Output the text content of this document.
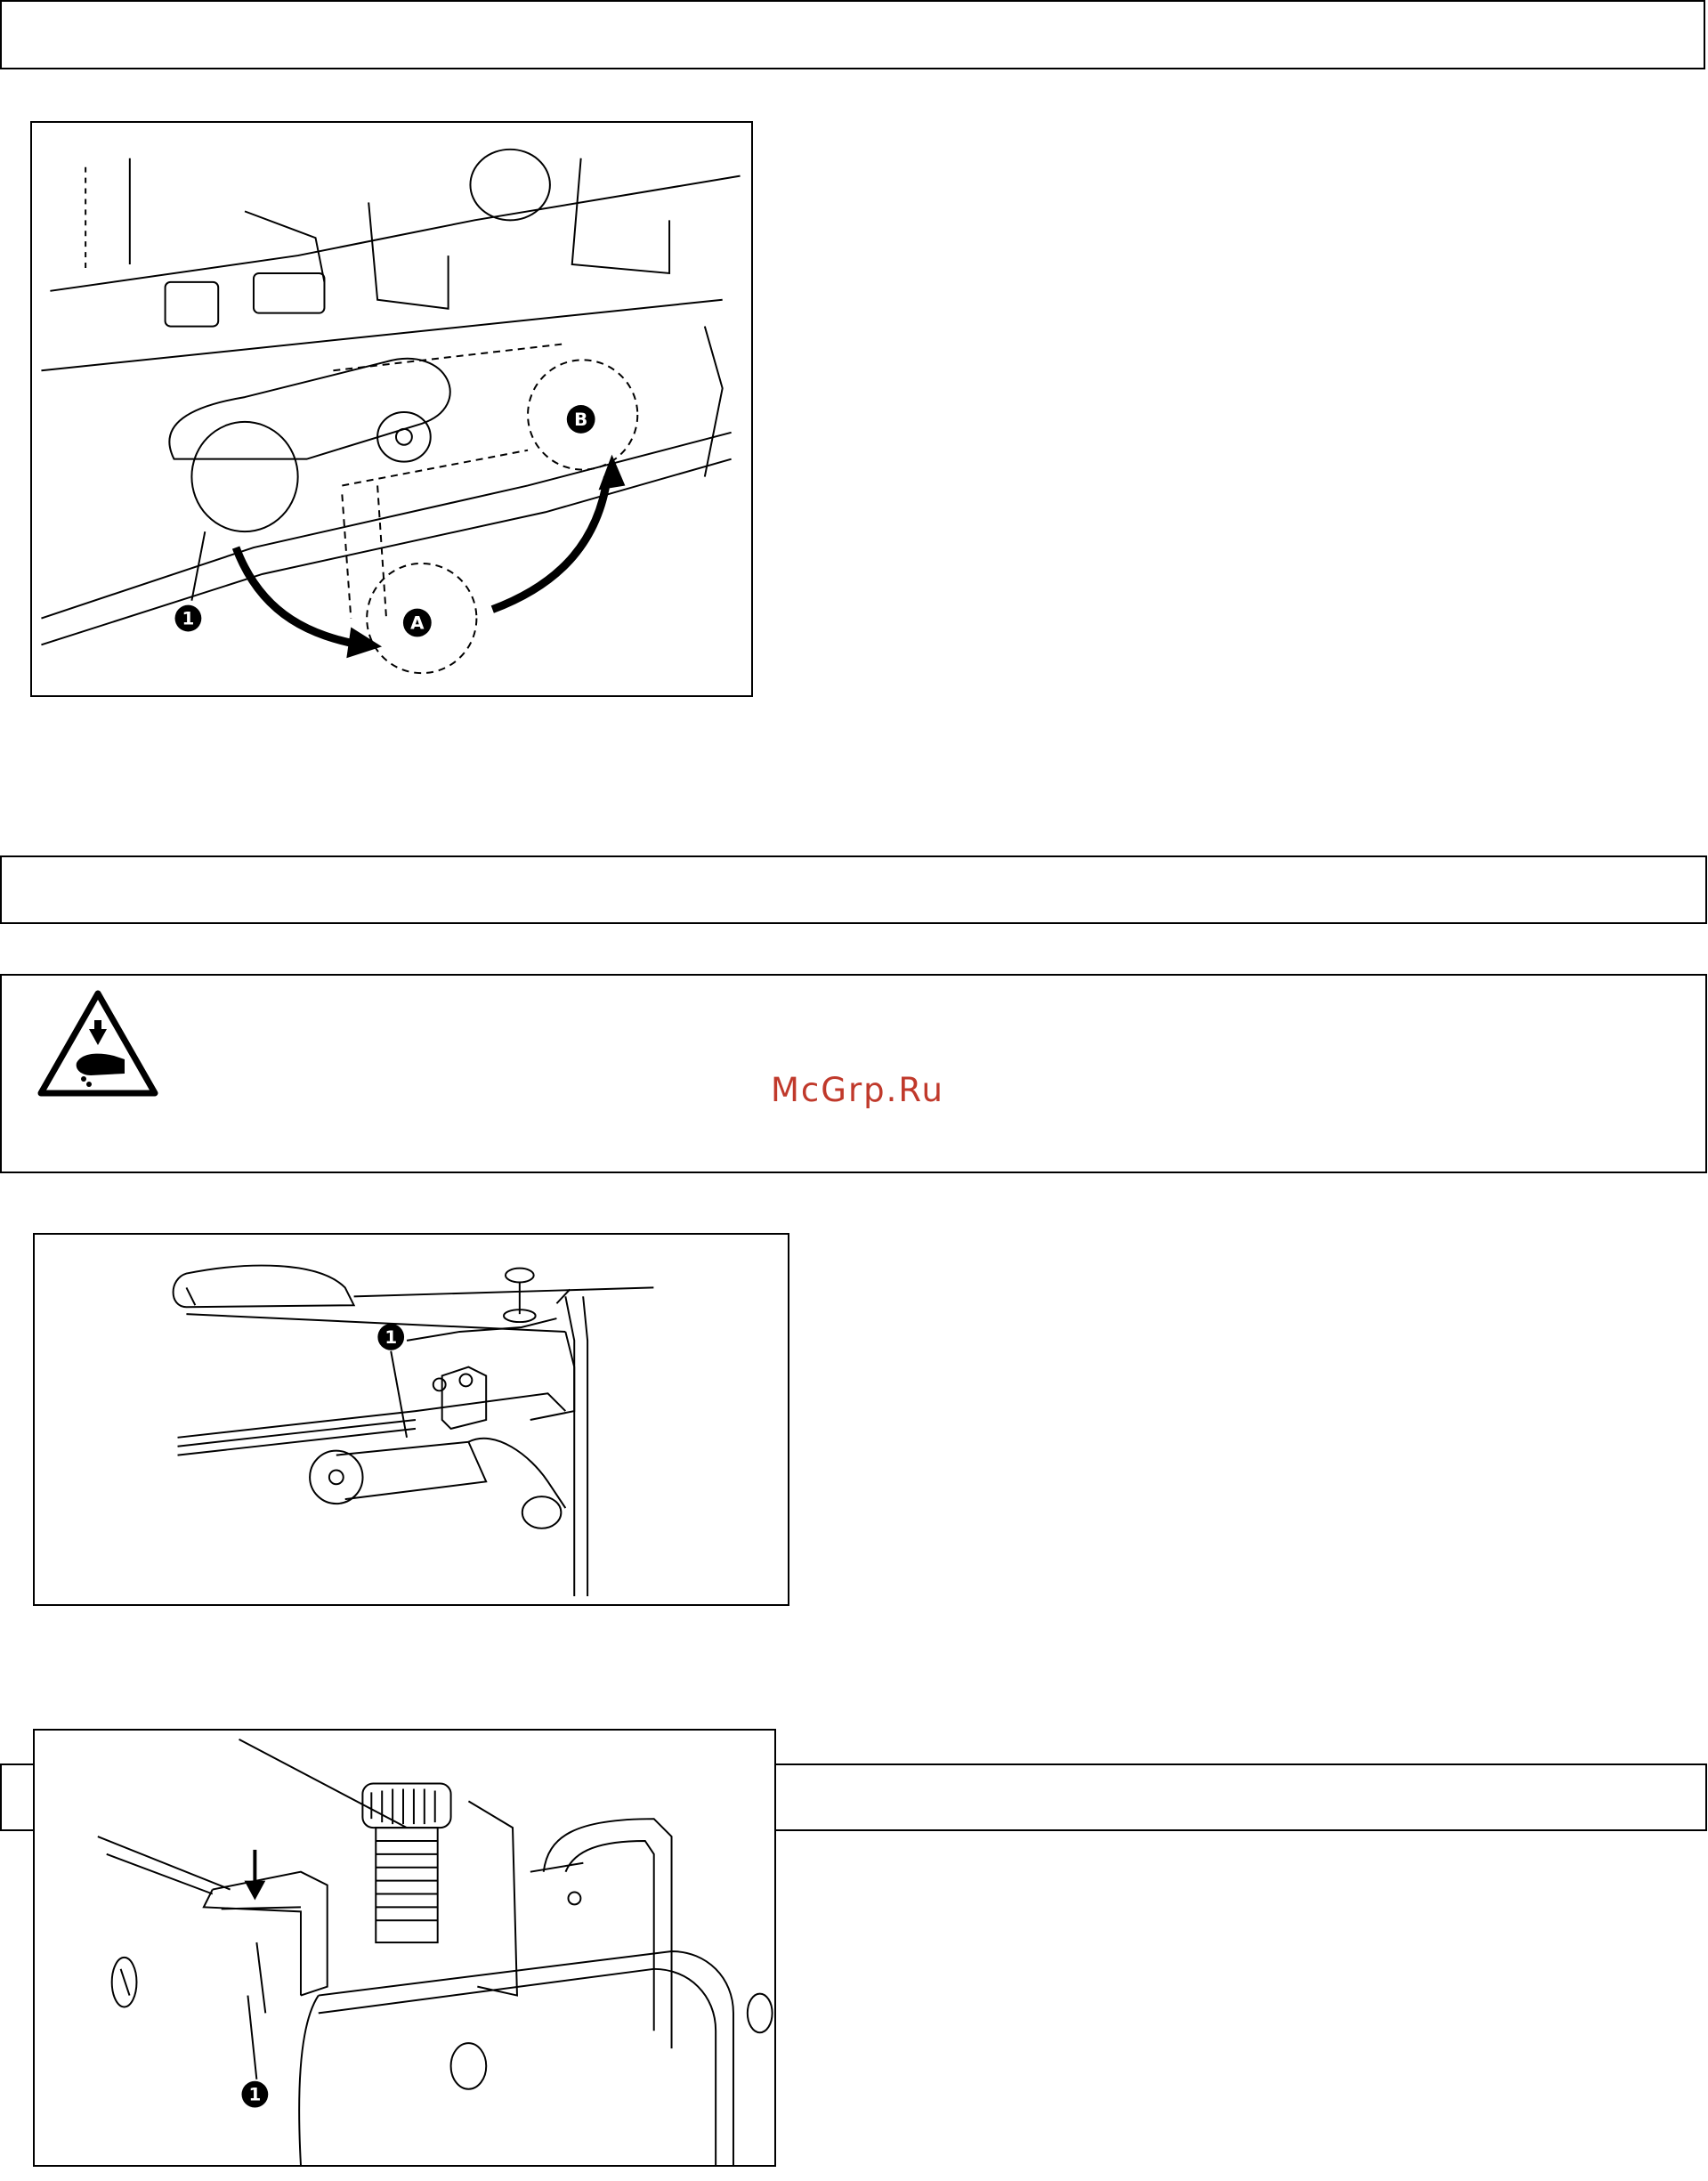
1	A
B
McGrp.Ru
1
1
